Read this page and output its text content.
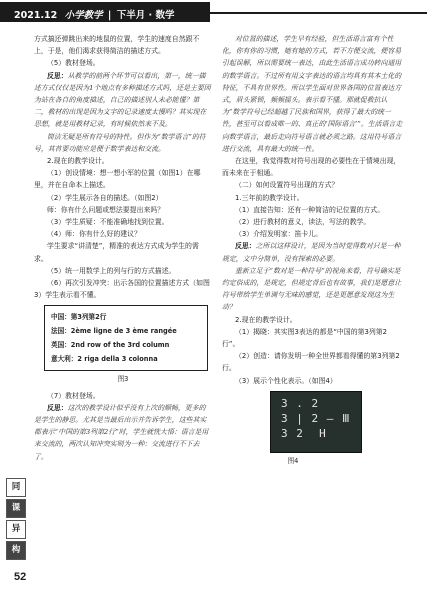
2021.12 小学教学 | 下半月 · 数学

方式搞还弹跳出来的地鼠的位置，学生的速度自然跟不上，于是，他们渴求获得简洁的描述方式。

（5）教材登场。

反思：从教学的前两个环节可以看出，第一，统一描述方式仅仅是因为1个地点有多种描述方式吗，还是主要因为站在各自的角度描述，自己的描述别人未必能懂？第二，教材的出现是因为文字的记录速度太慢吗？其实现在思想，就是用教材记录，有时候依然来不及。

简洁无疑是所有符号的特性。但作为“数学语言”的符号，其首要功能应是便于数学表达和交流。

2.现在的教学设计。

（1）创设情境：想一想小军的位置（如图1）在哪里，并在自命本上描述。

（2）学生展示各自的描述。（如图2）

师：你有什么问题或想法要提出来吗？

（3）学生质疑：不能准确地找到位置。

（4）师：你有什么好的建议？

学生要求“讲清楚”，精准的表达方式成为学生的需求。

（5）统一用数学上的列与行的方式描述。

（6）再次引发冲突：出示各国的位置描述方式（如图3）学生表示看不懂。

中国：第3列第2行
法国：2ème ligne de 3 ème rangée
英国：2nd row of the 3rd column
意大利：2 riga della 3 colonna
图3

（7）教材登场。

反思：这次的教学设计似乎没有上次的顺畅，更多的是学生的静思。尤其是当最后出示并告诉学生，这些其实都表示“中国的第3列第2行”时，学生就恍大悟：语言是用来交流的，两次认知冲突实则为一种：交流进行不下去了。

对位置的描述，学生早有经验，但生活语言富有个性化，你有你的习惯，她有她的方式，若不方便交流，便容易引起误解，所以需要统一表达，由此生活语言成功转向通用的数学语言。不过所有用文字表达的语言均具有其本土化的特征，不具有世界性。所以学生面对世界各国的位置表达方式，眉头紧锁，频频摇头。表示看不懂。那就促教抗认为“数学符号已经超越了民族和国界，获得了最大的统一性，甚至可以看成唯一的、真正的‘国际语言’”。生活语言走向数学语言，最后走向符号语言就必须之路。这用符号语言进行交流，具有最大的统一性。

在这里，我觉得数对符号出现的必要性在于情境出现，而未来在于相通。

（二）如何设置符号出现的方式？

1.三年前的教学设计。

（1）直接告知：还有一种简洁的记位置的方式。

（2）进行教材的意义，读法，写法的教学。

（3）介绍发明家：笛卡儿。

反思：之所以这样设计，是因为当时觉得数对只是一种规定，文中分简单，没有探索的必要。

重新立足于“数对是一种符号”的视角来看，符号确实是约定俗成的，是规定，但规定背后也有故事，我们是愿意让符号带给学生单调与无味的感觉，还是更愿意发现这为生动？

2.现在的教学设计。

（1）揭晓：其实图3表达的都是“中国的第3列第2行”。

（2）创造：请你发明一种全世界都看得懂的第3列第2行。

（3）展示个性化表示。（如图4）

3 . 2
3 | 2 — Ⅲ
3 2  H
图4
同
课
异
构
52
